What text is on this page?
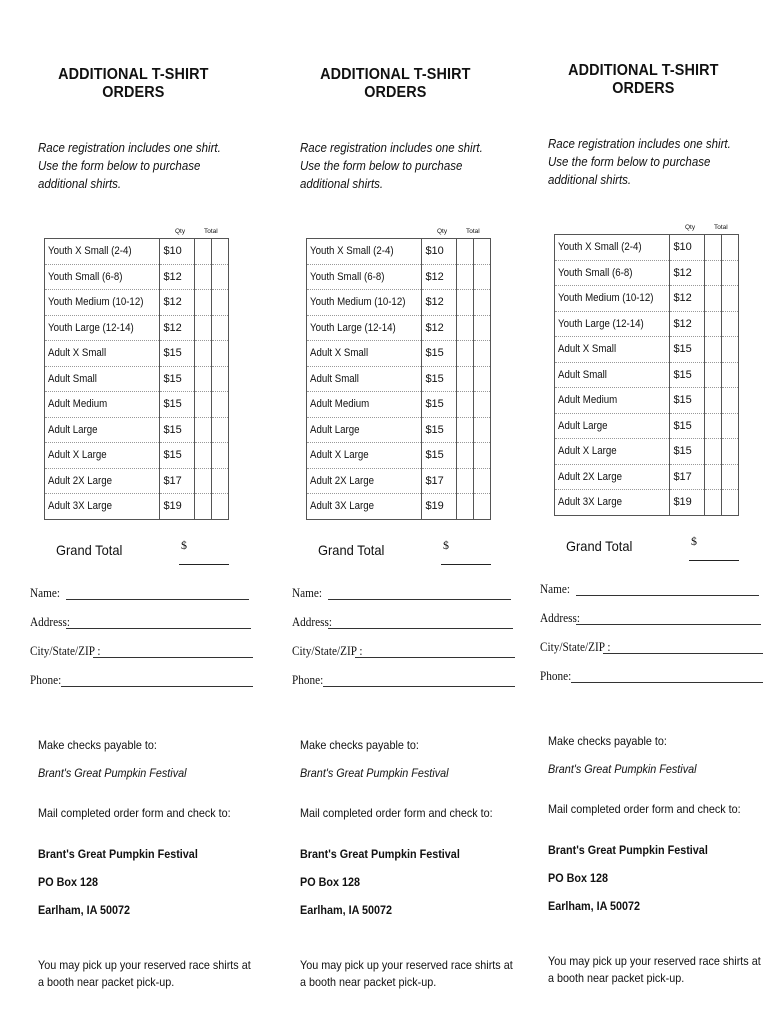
ADDITIONAL T-SHIRT ORDERS
Race registration includes one shirt. Use the form below to purchase additional shirts.
Qty	Total
Youth X Small (2-4)	$10		
Youth Small (6-8)	$12		
Youth Medium (10-12)	$12		
Youth Large (12-14)	$12		
Adult X Small	$15		
Adult Small	$15		
Adult Medium	$15		
Adult Large	$15		
Adult X Large	$15		
Adult 2X Large	$17		
Adult 3X Large	$19		
Grand Total	$
Name:
Address:
City/State/ZIP :
Phone:
Make checks payable to:
Brant's Great Pumpkin Festival
Mail completed order form and check to:
Brant's Great Pumpkin Festival
PO Box 128
Earlham, IA 50072
You may pick up your reserved race shirts at a booth near packet pick-up.
ADDITIONAL T-SHIRT ORDERS
Race registration includes one shirt. Use the form below to purchase additional shirts.
Qty	Total
Youth X Small (2-4)	$10		
Youth Small (6-8)	$12		
Youth Medium (10-12)	$12		
Youth Large (12-14)	$12		
Adult X Small	$15		
Adult Small	$15		
Adult Medium	$15		
Adult Large	$15		
Adult X Large	$15		
Adult 2X Large	$17		
Adult 3X Large	$19		
Grand Total	$
Name:
Address:
City/State/ZIP :
Phone:
Make checks payable to:
Brant's Great Pumpkin Festival
Mail completed order form and check to:
Brant's Great Pumpkin Festival
PO Box 128
Earlham, IA 50072
You may pick up your reserved race shirts at a booth near packet pick-up.
ADDITIONAL T-SHIRT ORDERS
Race registration includes one shirt. Use the form below to purchase additional shirts.
Qty	Total
Youth X Small (2-4)	$10		
Youth Small (6-8)	$12		
Youth Medium (10-12)	$12		
Youth Large (12-14)	$12		
Adult X Small	$15		
Adult Small	$15		
Adult Medium	$15		
Adult Large	$15		
Adult X Large	$15		
Adult 2X Large	$17		
Adult 3X Large	$19		
Grand Total	$
Name:
Address:
City/State/ZIP :
Phone:
Make checks payable to:
Brant's Great Pumpkin Festival
Mail completed order form and check to:
Brant's Great Pumpkin Festival
PO Box 128
Earlham, IA 50072
You may pick up your reserved race shirts at a booth near packet pick-up.
